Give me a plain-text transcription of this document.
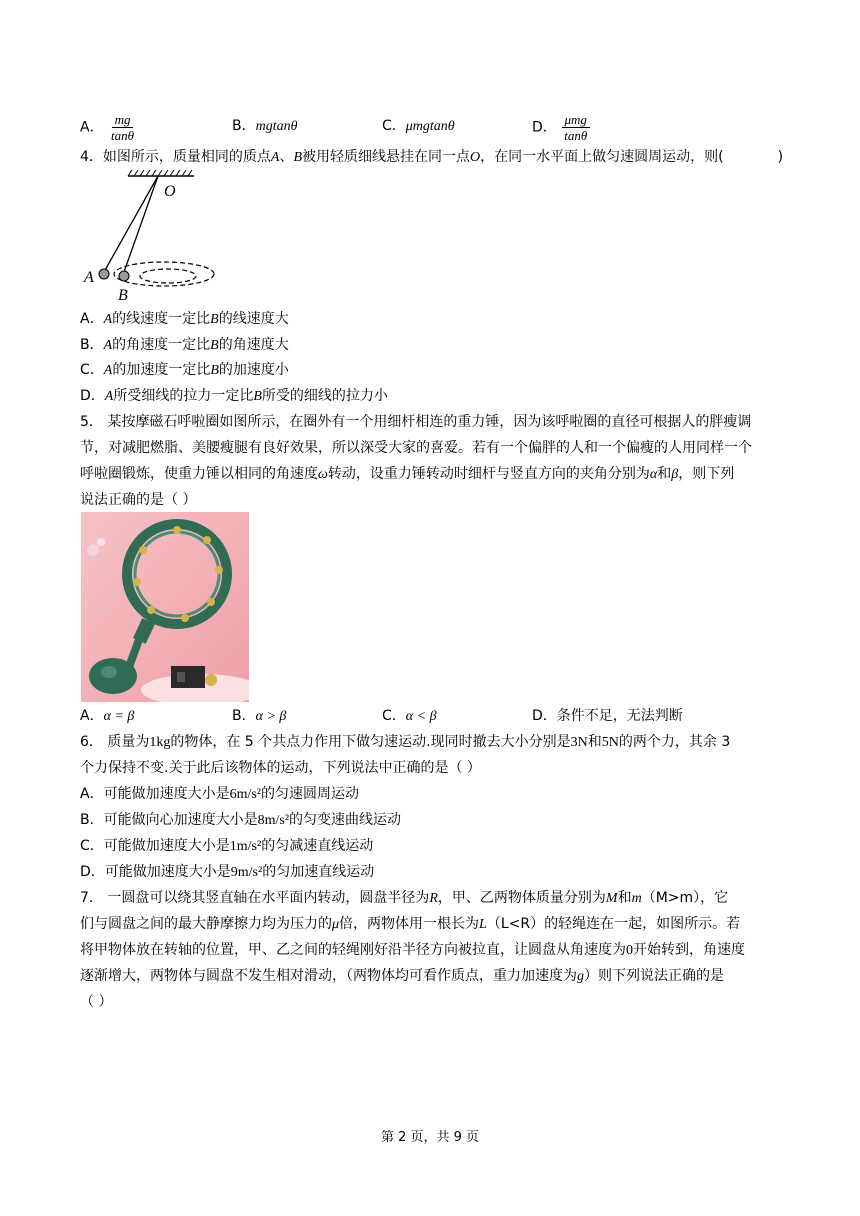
A． $\frac{mg}{\tan\theta}$	B．mgtanθ	C．μmgtanθ	D． $\frac{\text{μmg}}{\tan\theta}$
4．如图所示，质量相同的质点A、B被用轻质细线悬挂在同一点O，在同一水平面上做匀速圆周运动，则(	)
O
A
B
A．A的线速度一定比B的线速度大
B．A的角速度一定比B的角速度大
C．A的加速度一定比B的加速度小
D．A所受细线的拉力一定比B所受的细线的拉力小
5． 某按摩磁石呼啦圈如图所示，在圈外有一个用细杆相连的重力锤，因为该呼啦圈的直径可根据人的胖瘦调
节，对减肥燃脂、美腰瘦腿有良好效果，所以深受大家的喜爱。若有一个偏胖的人和一个偏瘦的人用同样一个
呼啦圈锻炼，使重力锤以相同的角速度ω转动，设重力锤转动时细杆与竖直方向的夹角分别为α和β，则下列
说法正确的是（ ）
A．α = β	B．α > β	C．α < β	D．条件不足，无法判断
6． 质量为1kg的物体，在 5 个共点力作用下做匀速运动.现同时撤去大小分别是3N和5N的两个力，其余 3
个力保持不变.关于此后该物体的运动，下列说法中正确的是（ ）
A．可能做加速度大小是6m/s²的匀速圆周运动
B．可能做向心加速度大小是8m/s²的匀变速曲线运动
C．可能做加速度大小是1m/s²的匀减速直线运动
D．可能做加速度大小是9m/s²的匀加速直线运动
7． 一圆盘可以绕其竖直轴在水平面内转动，圆盘半径为R，甲、乙两物体质量分别为M和m（M>m），它
们与圆盘之间的最大静摩擦力均为压力的μ倍，两物体用一根长为L（L<R）的轻绳连在一起，如图所示。若
将甲物体放在转轴的位置，甲、乙之间的轻绳刚好沿半径方向被拉直，让圆盘从角速度为0开始转到，角速度
逐渐增大，两物体与圆盘不发生相对滑动，（两物体均可看作质点，重力加速度为g）则下列说法正确的是
（ ）
第 2 页，共 9 页
